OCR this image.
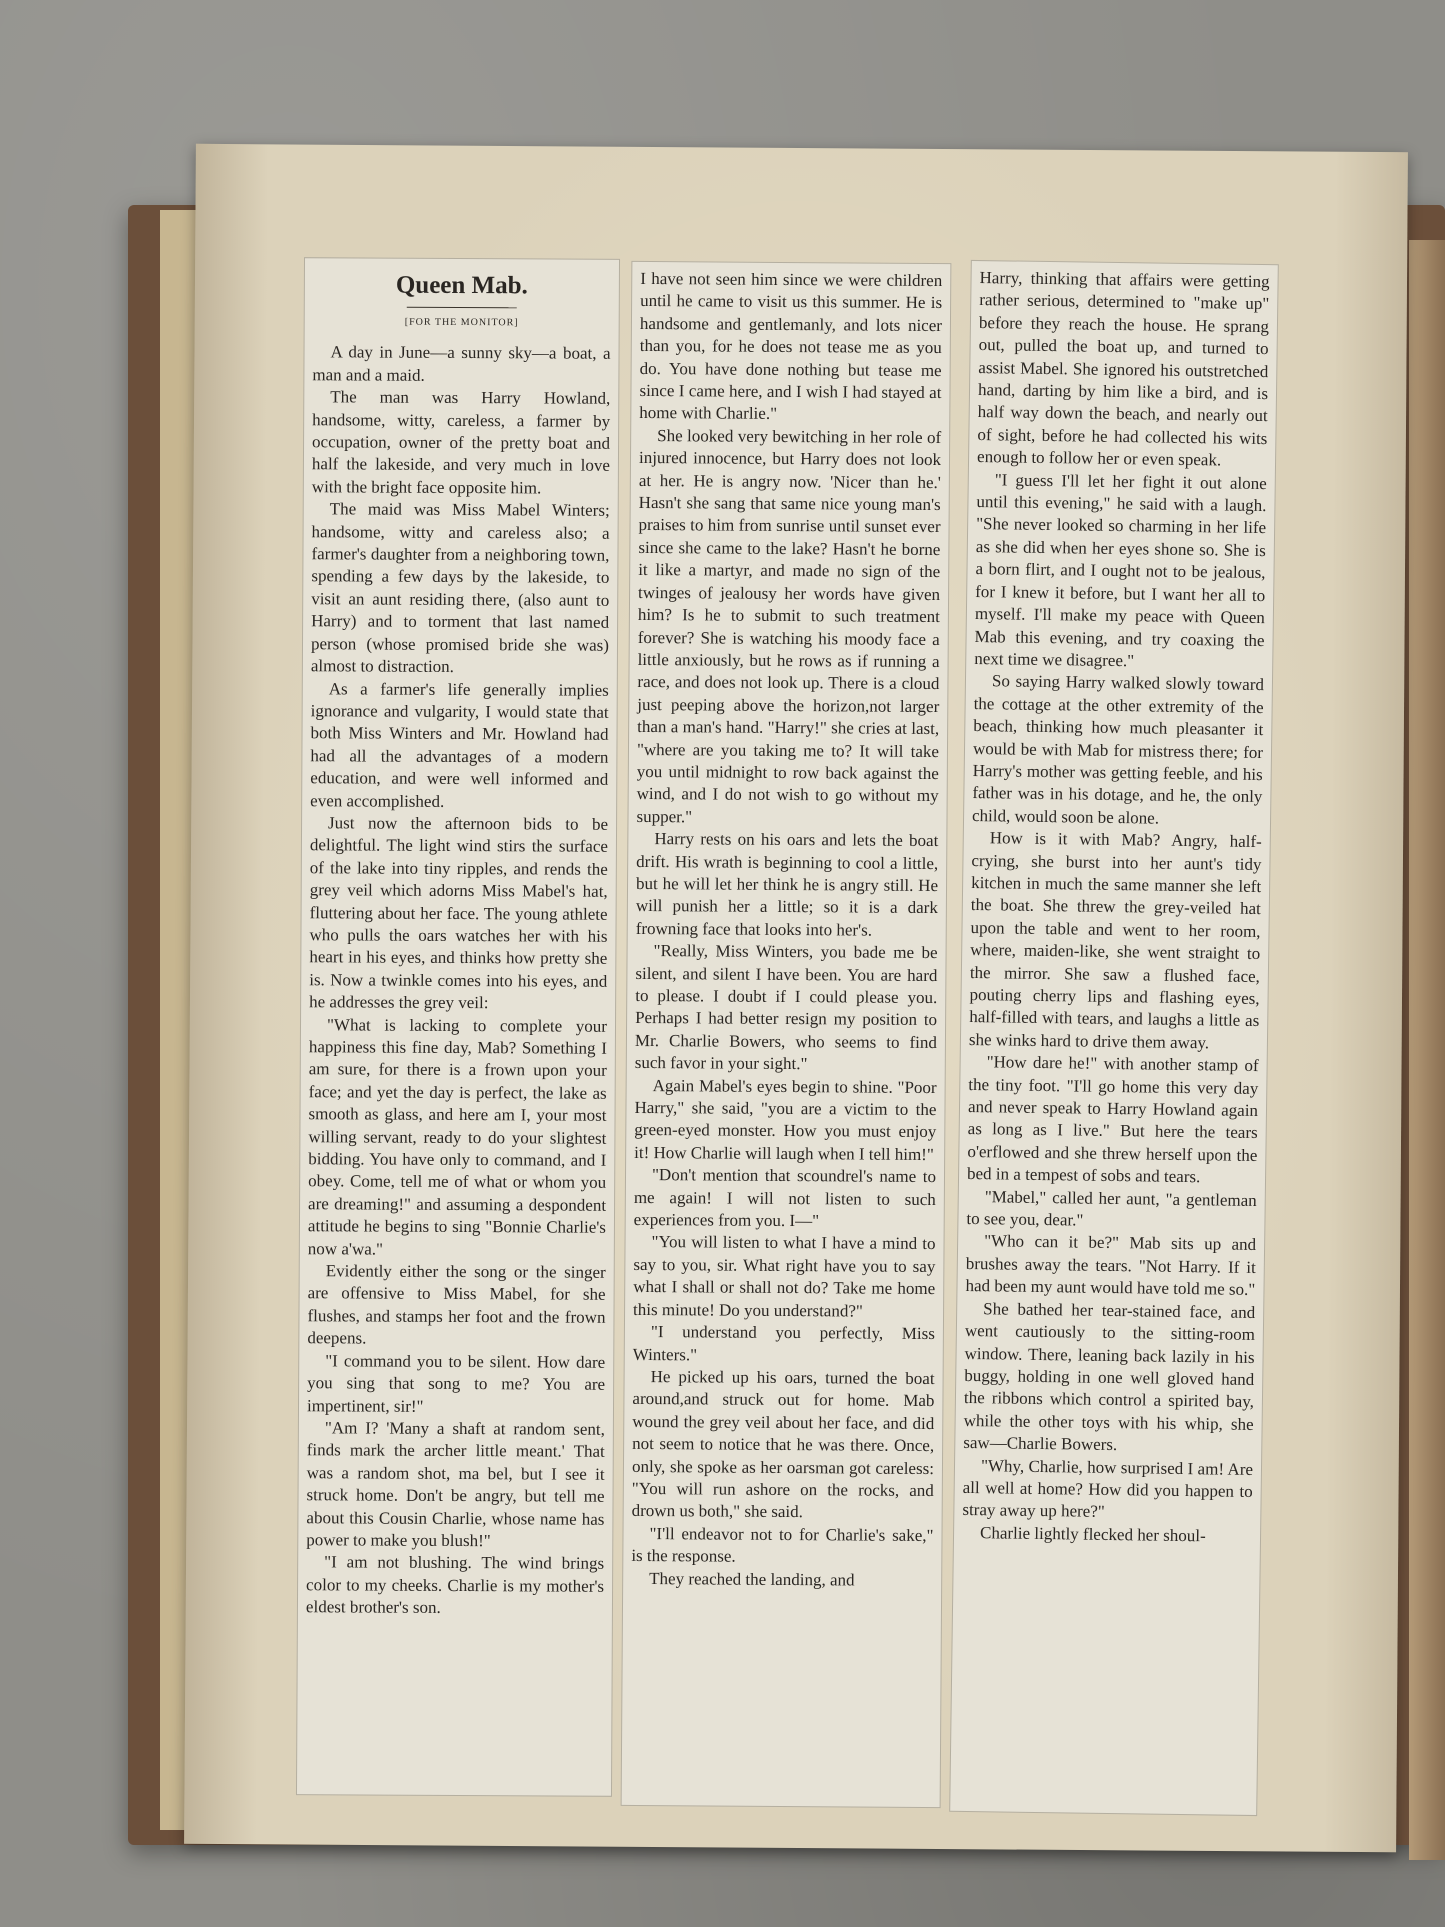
Queen Mab.
[FOR THE MONITOR]

A day in June—a sunny sky—a boat, a man and a maid.

The man was Harry Howland, handsome, witty, careless, a farmer by occupation, owner of the pretty boat and half the lakeside, and very much in love with the bright face opposite him.

The maid was Miss Mabel Winters; handsome, witty and careless also; a farmer's daughter from a neighboring town, spending a few days by the lakeside, to visit an aunt residing there, (also aunt to Harry) and to torment that last named person (whose promised bride she was) almost to distraction.

As a farmer's life generally implies ignorance and vulgarity, I would state that both Miss Winters and Mr. Howland had had all the advantages of a modern education, and were well informed and even accomplished.

Just now the afternoon bids to be delightful. The light wind stirs the surface of the lake into tiny ripples, and rends the grey veil which adorns Miss Mabel's hat, fluttering about her face. The young athlete who pulls the oars watches her with his heart in his eyes, and thinks how pretty she is. Now a twinkle comes into his eyes, and he addresses the grey veil:

"What is lacking to complete your happiness this fine day, Mab? Something I am sure, for there is a frown upon your face; and yet the day is perfect, the lake as smooth as glass, and here am I, your most willing servant, ready to do your slightest bidding. You have only to command, and I obey. Come, tell me of what or whom you are dreaming!" and assuming a despondent attitude he begins to sing "Bonnie Charlie's now a'wa."

Evidently either the song or the singer are offensive to Miss Mabel, for she flushes, and stamps her foot and the frown deepens.

"I command you to be silent. How dare you sing that song to me? You are impertinent, sir!"

"Am I? 'Many a shaft at random sent, finds mark the archer little meant.' That was a random shot, ma bel, but I see it struck home. Don't be angry, but tell me about this Cousin Charlie, whose name has power to make you blush!"

"I am not blushing. The wind brings color to my cheeks. Charlie is my mother's eldest brother's son.

I have not seen him since we were children until he came to visit us this summer. He is handsome and gentlemanly, and lots nicer than you, for he does not tease me as you do. You have done nothing but tease me since I came here, and I wish I had stayed at home with Charlie."

She looked very bewitching in her role of injured innocence, but Harry does not look at her. He is angry now. 'Nicer than he.' Hasn't she sang that same nice young man's praises to him from sunrise until sunset ever since she came to the lake? Hasn't he borne it like a martyr, and made no sign of the twinges of jealousy her words have given him? Is he to submit to such treatment forever? She is watching his moody face a little anxiously, but he rows as if running a race, and does not look up. There is a cloud just peeping above the horizon,not larger than a man's hand. "Harry!" she cries at last, "where are you taking me to? It will take you until midnight to row back against the wind, and I do not wish to go without my supper."

Harry rests on his oars and lets the boat drift. His wrath is beginning to cool a little, but he will let her think he is angry still. He will punish her a little; so it is a dark frowning face that looks into her's.

"Really, Miss Winters, you bade me be silent, and silent I have been. You are hard to please. I doubt if I could please you. Perhaps I had better resign my position to Mr. Charlie Bowers, who seems to find such favor in your sight."

Again Mabel's eyes begin to shine. "Poor Harry," she said, "you are a victim to the green-eyed monster. How you must enjoy it! How Charlie will laugh when I tell him!"

"Don't mention that scoundrel's name to me again! I will not listen to such experiences from you. I—"

"You will listen to what I have a mind to say to you, sir. What right have you to say what I shall or shall not do? Take me home this minute! Do you understand?"

"I understand you perfectly, Miss Winters."

He picked up his oars, turned the boat around,and struck out for home. Mab wound the grey veil about her face, and did not seem to notice that he was there. Once, only, she spoke as her oarsman got careless: "You will run ashore on the rocks, and drown us both," she said.

"I'll endeavor not to for Charlie's sake," is the response.

They reached the landing, and

Harry, thinking that affairs were getting rather serious, determined to "make up" before they reach the house. He sprang out, pulled the boat up, and turned to assist Mabel. She ignored his outstretched hand, darting by him like a bird, and is half way down the beach, and nearly out of sight, before he had collected his wits enough to follow her or even speak.

"I guess I'll let her fight it out alone until this evening," he said with a laugh. "She never looked so charming in her life as she did when her eyes shone so. She is a born flirt, and I ought not to be jealous, for I knew it before, but I want her all to myself. I'll make my peace with Queen Mab this evening, and try coaxing the next time we disagree."

So saying Harry walked slowly toward the cottage at the other extremity of the beach, thinking how much pleasanter it would be with Mab for mistress there; for Harry's mother was getting feeble, and his father was in his dotage, and he, the only child, would soon be alone.

How is it with Mab? Angry, half-crying, she burst into her aunt's tidy kitchen in much the same manner she left the boat. She threw the grey-veiled hat upon the table and went to her room, where, maiden-like, she went straight to the mirror. She saw a flushed face, pouting cherry lips and flashing eyes, half-filled with tears, and laughs a little as she winks hard to drive them away.

"How dare he!" with another stamp of the tiny foot. "I'll go home this very day and never speak to Harry Howland again as long as I live." But here the tears o'erflowed and she threw herself upon the bed in a tempest of sobs and tears.

"Mabel," called her aunt, "a gentleman to see you, dear."

"Who can it be?" Mab sits up and brushes away the tears. "Not Harry. If it had been my aunt would have told me so."

She bathed her tear-stained face, and went cautiously to the sitting-room window. There, leaning back lazily in his buggy, holding in one well gloved hand the ribbons which control a spirited bay, while the other toys with his whip, she saw—Charlie Bowers.

"Why, Charlie, how surprised I am! Are all well at home? How did you happen to stray away up here?"

Charlie lightly flecked her shoul-
